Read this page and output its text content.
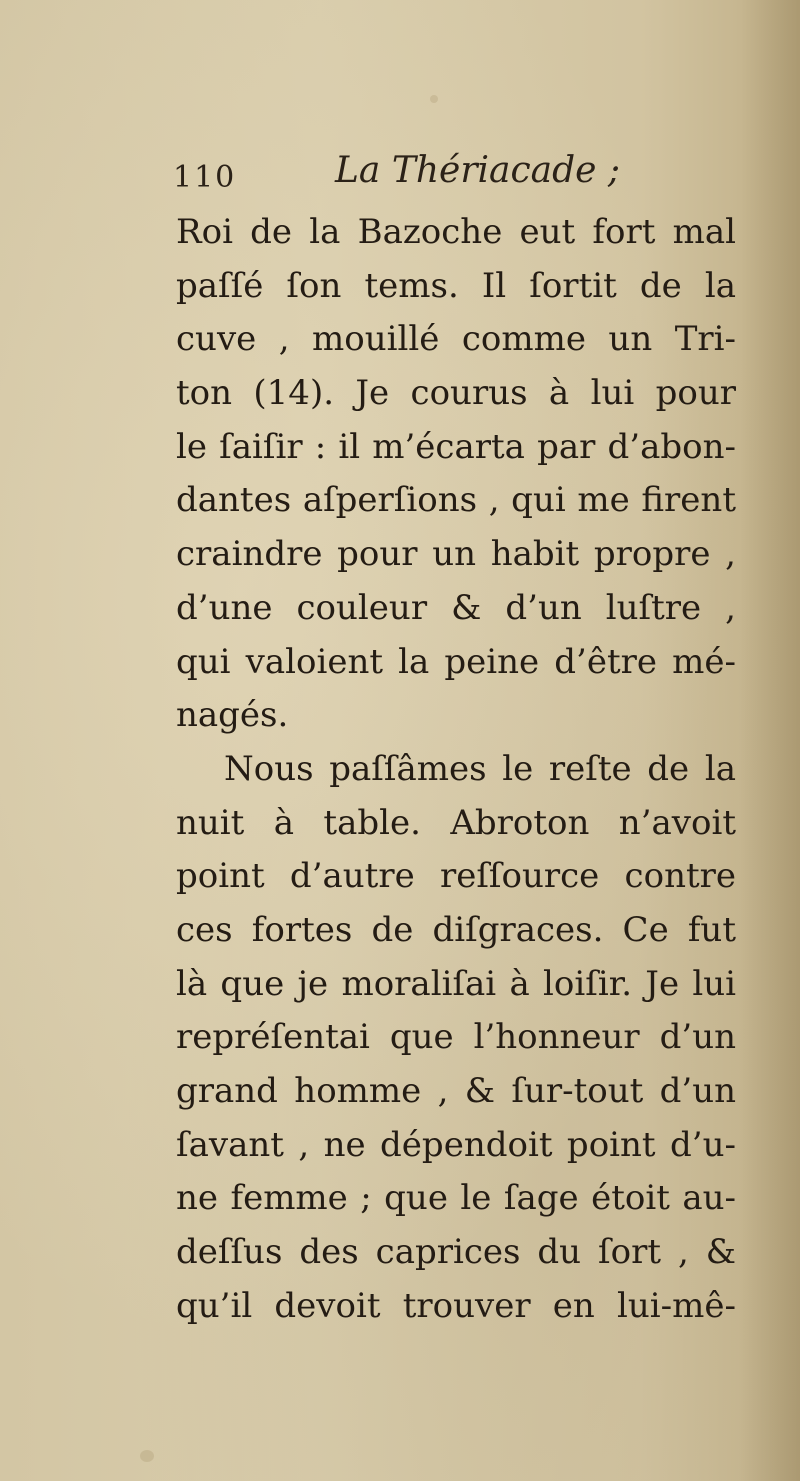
110	La Thériacade ;
Roi de la Bazoche eut fort mal
paſſé ſon tems. Il ſortit de la
cuve , mouillé comme un Tri-
ton (14). Je courus à lui pour
le ſaiſir : il m’écarta par d’abon-
dantes aſperſions , qui me firent
craindre pour un habit propre ,
d’une couleur & d’un luſtre ,
qui valoient la peine d’être mé-
nagés.
Nous paſſâmes le reſte de la
nuit à table. Abroton n’avoit
point d’autre reſſource contre
ces fortes de diſgraces. Ce fut
là que je moraliſai à loiſir. Je lui
repréſentai que l’honneur d’un
grand homme , & ſur-tout d’un
ſavant , ne dépendoit point d’u-
ne femme ; que le ſage étoit au-
deſſus des caprices du ſort , &
qu’il devoit trouver en lui-mê-
